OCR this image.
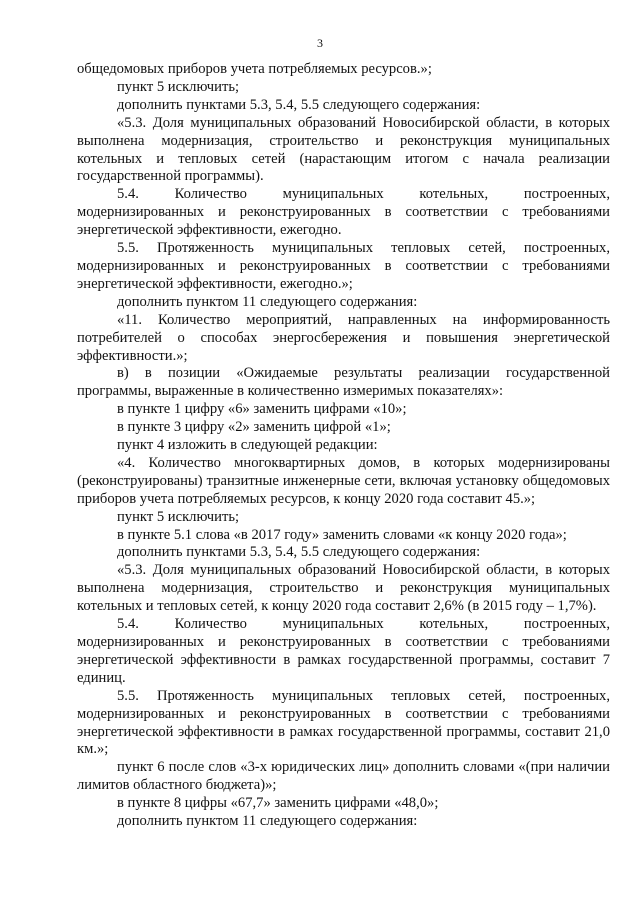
3

общедомовых приборов учета потребляемых ресурсов.»;

пункт 5 исключить;

дополнить пунктами 5.3, 5.4, 5.5 следующего содержания:

«5.3. Доля муниципальных образований Новосибирской области, в которых выполнена модернизация, строительство и реконструкция муниципальных котельных и тепловых сетей (нарастающим итогом с начала реализации государственной программы).

5.4. Количество муниципальных котельных, построенных, модернизированных и реконструированных в соответствии с требованиями энергетической эффективности, ежегодно.

5.5. Протяженность муниципальных тепловых сетей, построенных, модернизированных и реконструированных в соответствии с требованиями энергетической эффективности, ежегодно.»;

дополнить пунктом 11 следующего содержания:

«11. Количество мероприятий, направленных на информированность потребителей о способах энергосбережения и повышения энергетической эффективности.»;

в) в позиции «Ожидаемые результаты реализации государственной программы, выраженные в количественно измеримых показателях»:

в пункте 1 цифру «6» заменить цифрами «10»;

в пункте 3 цифру «2» заменить цифрой «1»;

пункт 4 изложить в следующей редакции:

«4. Количество многоквартирных домов, в которых модернизированы (реконструированы) транзитные инженерные сети, включая установку общедомовых приборов учета потребляемых ресурсов, к концу 2020 года составит 45.»;

пункт 5 исключить;

в пункте 5.1 слова «в 2017 году» заменить словами «к концу 2020 года»;

дополнить пунктами 5.3, 5.4, 5.5 следующего содержания:

«5.3. Доля муниципальных образований Новосибирской области, в которых выполнена модернизация, строительство и реконструкция муниципальных котельных и тепловых сетей, к концу 2020 года составит 2,6% (в 2015 году – 1,7%).

5.4. Количество муниципальных котельных, построенных, модернизированных и реконструированных в соответствии с требованиями энергетической эффективности в рамках государственной программы, составит 7 единиц.

5.5. Протяженность муниципальных тепловых сетей, построенных, модернизированных и реконструированных в соответствии с требованиями энергетической эффективности в рамках государственной программы, составит 21,0 км.»;

пункт 6 после слов «3-х юридических лиц» дополнить словами «(при наличии лимитов областного бюджета)»;

в пункте 8 цифры «67,7» заменить цифрами «48,0»;

дополнить пунктом 11 следующего содержания:
